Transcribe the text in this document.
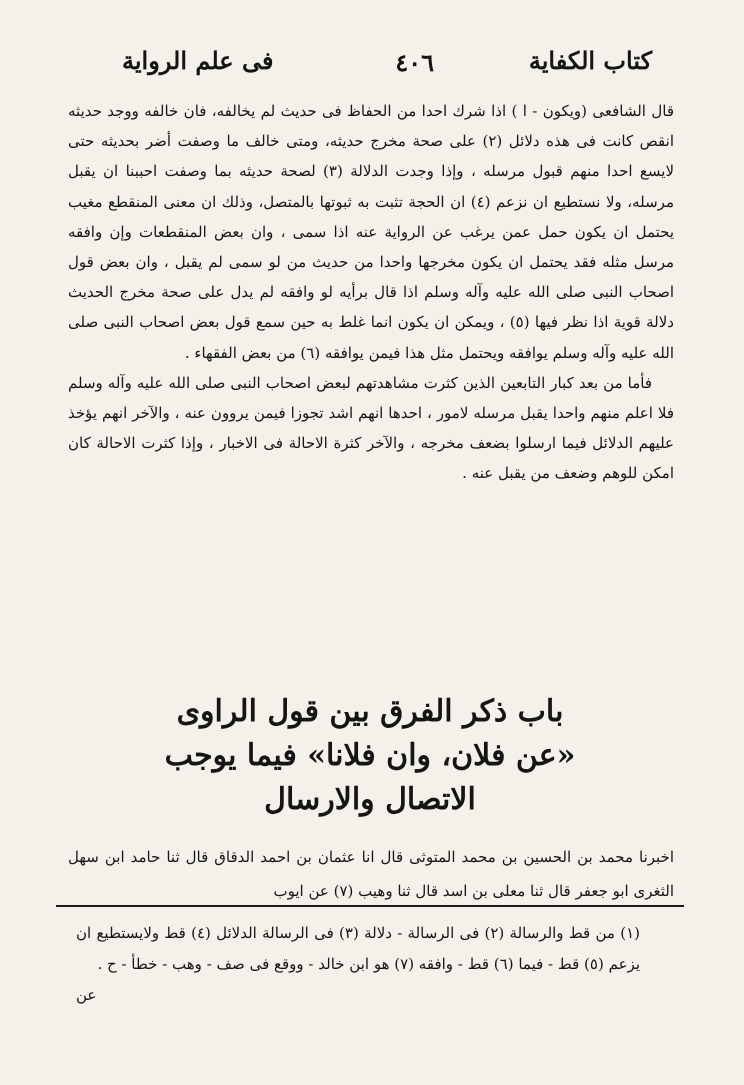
كتاب الكفاية
٤٠٦
فى علم الرواية

قال الشافعى (ويكون - ا ) اذا شرك احدا من الحفاظ فى حديث لم يخالفه، فان خالفه ووجد حديثه انقص كانت فى هذه دلائل (٢) على صحة مخرج حديثه، ومتى خالف ما وصفت أضر بحديثه حتى لايسع احدا منهم قبول مرسله ، وإذا وجدت الدلالة (٣) لصحة حديثه بما وصفت احببنا ان يقبل مرسله، ولا نستطيع ان نزعم (٤) ان الحجة تثبت به ثبوتها بالمتصل، وذلك ان معنى المنقطع مغيب يحتمل ان يكون حمل عمن يرغب عن الرواية عنه اذا سمى ، وان بعض المنقطعات وإن وافقه مرسل مثله فقد يحتمل ان يكون مخرجها واحدا من حديث من لو سمى لم يقبل ، وان بعض قول اصحاب النبى صلى الله عليه وآله وسلم اذا قال برأيه لو وافقه لم يدل على صحة مخرج الحديث دلالة قوية اذا نظر فيها (٥) ، ويمكن ان يكون انما غلط به حين سمع قول بعض اصحاب النبى صلى الله عليه وآله وسلم يوافقه ويحتمل مثل هذا فيمن يوافقه (٦) من بعض الفقهاء .

فأما من بعد كبار التابعين الذين كثرت مشاهدتهم لبعض اصحاب النبى صلى الله عليه وآله وسلم فلا اعلم منهم واحدا يقبل مرسله لامور ، احدها انهم اشد تجوزا فيمن يروون عنه ، والآخر انهم يؤخذ عليهم الدلائل فيما ارسلوا بضعف مخرجه ، والآخر كثرة الاحالة فى الاخبار ، وإذا كثرت الاحالة كان امكن للوهم وضعف من يقبل عنه .

باب ذكر الفرق بين قول الراوى
«عن فلان، وان فلانا» فيما يوجب
الاتصال والارسال
اخبرنا محمد بن الحسين بن محمد المتوثى قال انا عثمان بن احمد الدقاق قال ثنا حامد ابن سهل الثغرى ابو جعفر قال ثنا معلى بن اسد قال ثنا وهيب (٧) عن ايوب

(١) من قط والرسالة (٢) فى الرسالة - دلالة (٣) فى الرسالة الدلائل (٤) قط ولايستطيع ان يزعم (٥) قط - فيما (٦) قط - وافقه (٧) هو ابن خالد - ووقع فى صف - وهب - خطأ - ح .

عن
